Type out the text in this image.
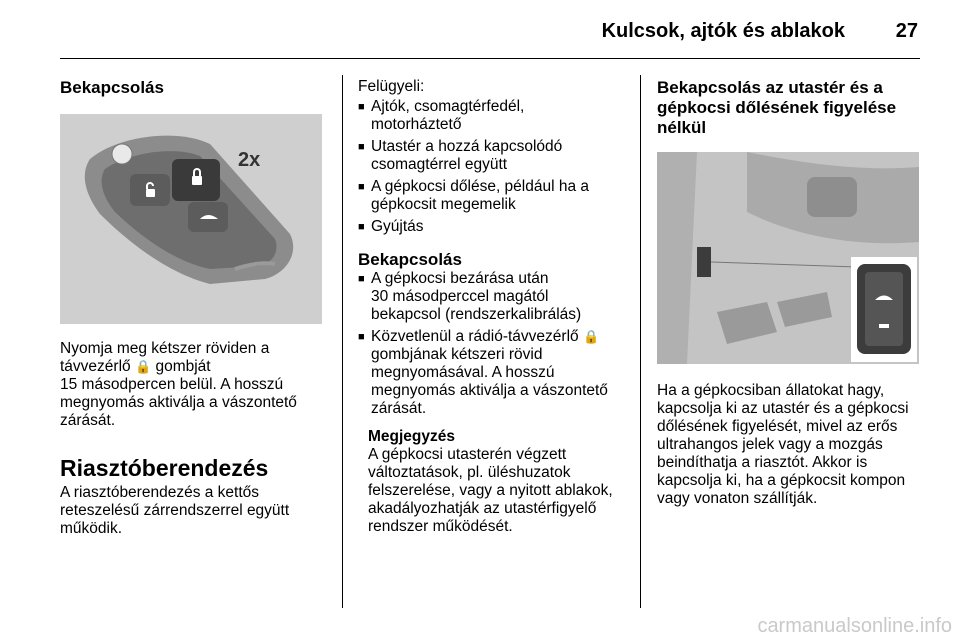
Kulcsok, ajtók és ablakok	27
Bekapcsolás
2x

Nyomja meg kétszer röviden a
távvezérlő 🔒 gombját
15 másodpercen belül. A hosszú
megnyomás aktiválja a vászontető
zárását.

Riasztóberendezés

A riasztóberendezés a kettős
reteszelésű zárrendszerrel együtt
működik.

Felügyeli:

■ Ajtók, csomagtérfedél,
motorháztető
■ Utastér a hozzá kapcsolódó
csomagtérrel együtt
■ A gépkocsi dőlése, például ha a
gépkocsit megemelik
■ Gyújtás
Bekapcsolás
■ A gépkocsi bezárása után
30 másodperccel magától
bekapcsol (rendszerkalibrálás)
■ Közvetlenül a rádió-távvezérlő 🔒
gombjának kétszeri rövid
megnyomásával. A hosszú
megnyomás aktiválja a vászontető
zárását.
Megjegyzés

A gépkocsi utasterén végzett
változtatások, pl. üléshuzatok
felszerelése, vagy a nyitott ablakok,
akadályozhatják az utastérfigyelő
rendszer működését.

Bekapcsolás az utastér és a
gépkocsi dőlésének figyelése
nélkül

Ha a gépkocsiban állatokat hagy,
kapcsolja ki az utastér és a gépkocsi
dőlésének figyelését, mivel az erős
ultrahangos jelek vagy a mozgás
beindíthatja a riasztót. Akkor is
kapcsolja ki, ha a gépkocsit kompon
vagy vonaton szállítják.

carmanualsonline.info
